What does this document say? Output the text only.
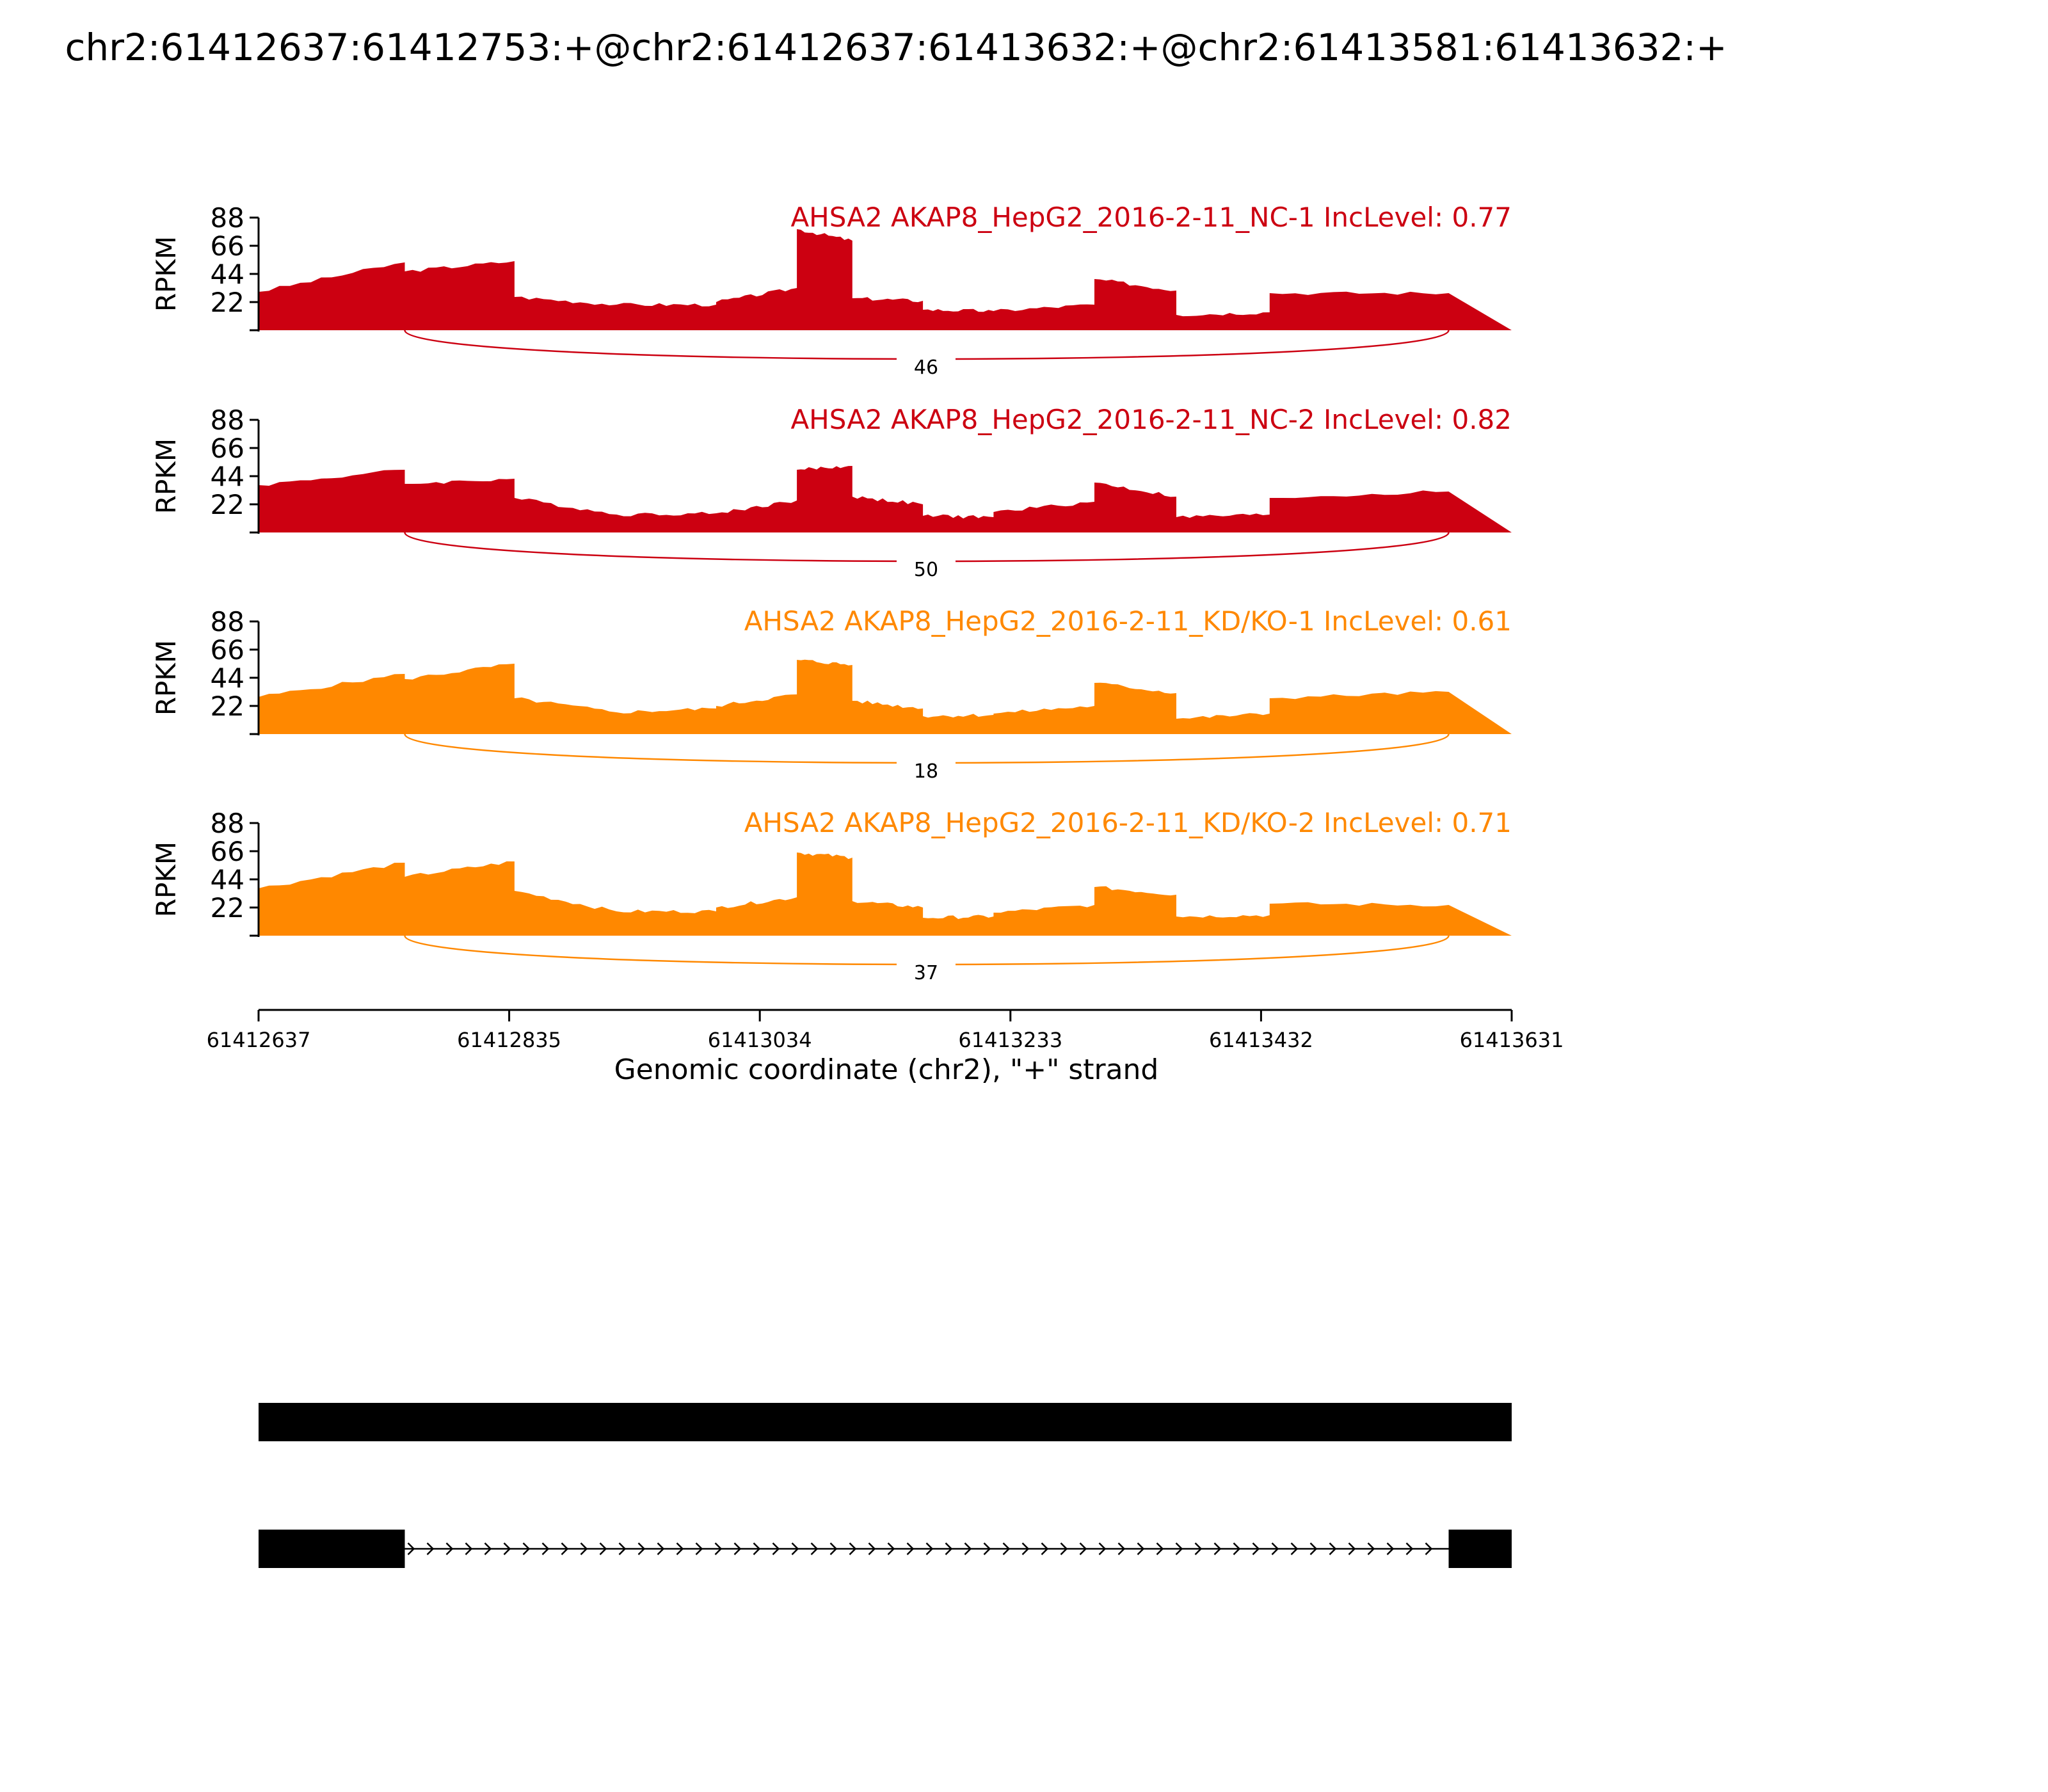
chr2:61412637:61412753:+@chr2:61412637:61413632:+@chr2:61413581:61413632:+
22
44
66
88
RPKM
AHSA2 AKAP8_HepG2_2016-2-11_NC-1 IncLevel: 0.77
46
22
44
66
88
RPKM
AHSA2 AKAP8_HepG2_2016-2-11_NC-2 IncLevel: 0.82
50
22
44
66
88
RPKM
AHSA2 AKAP8_HepG2_2016-2-11_KD/KO-1 IncLevel: 0.61
18
22
44
66
88
RPKM
AHSA2 AKAP8_HepG2_2016-2-11_KD/KO-2 IncLevel: 0.71
37
61412637	61412835	61413034	61413233	61413432	61413631
Genomic coordinate (chr2), "+" strand
